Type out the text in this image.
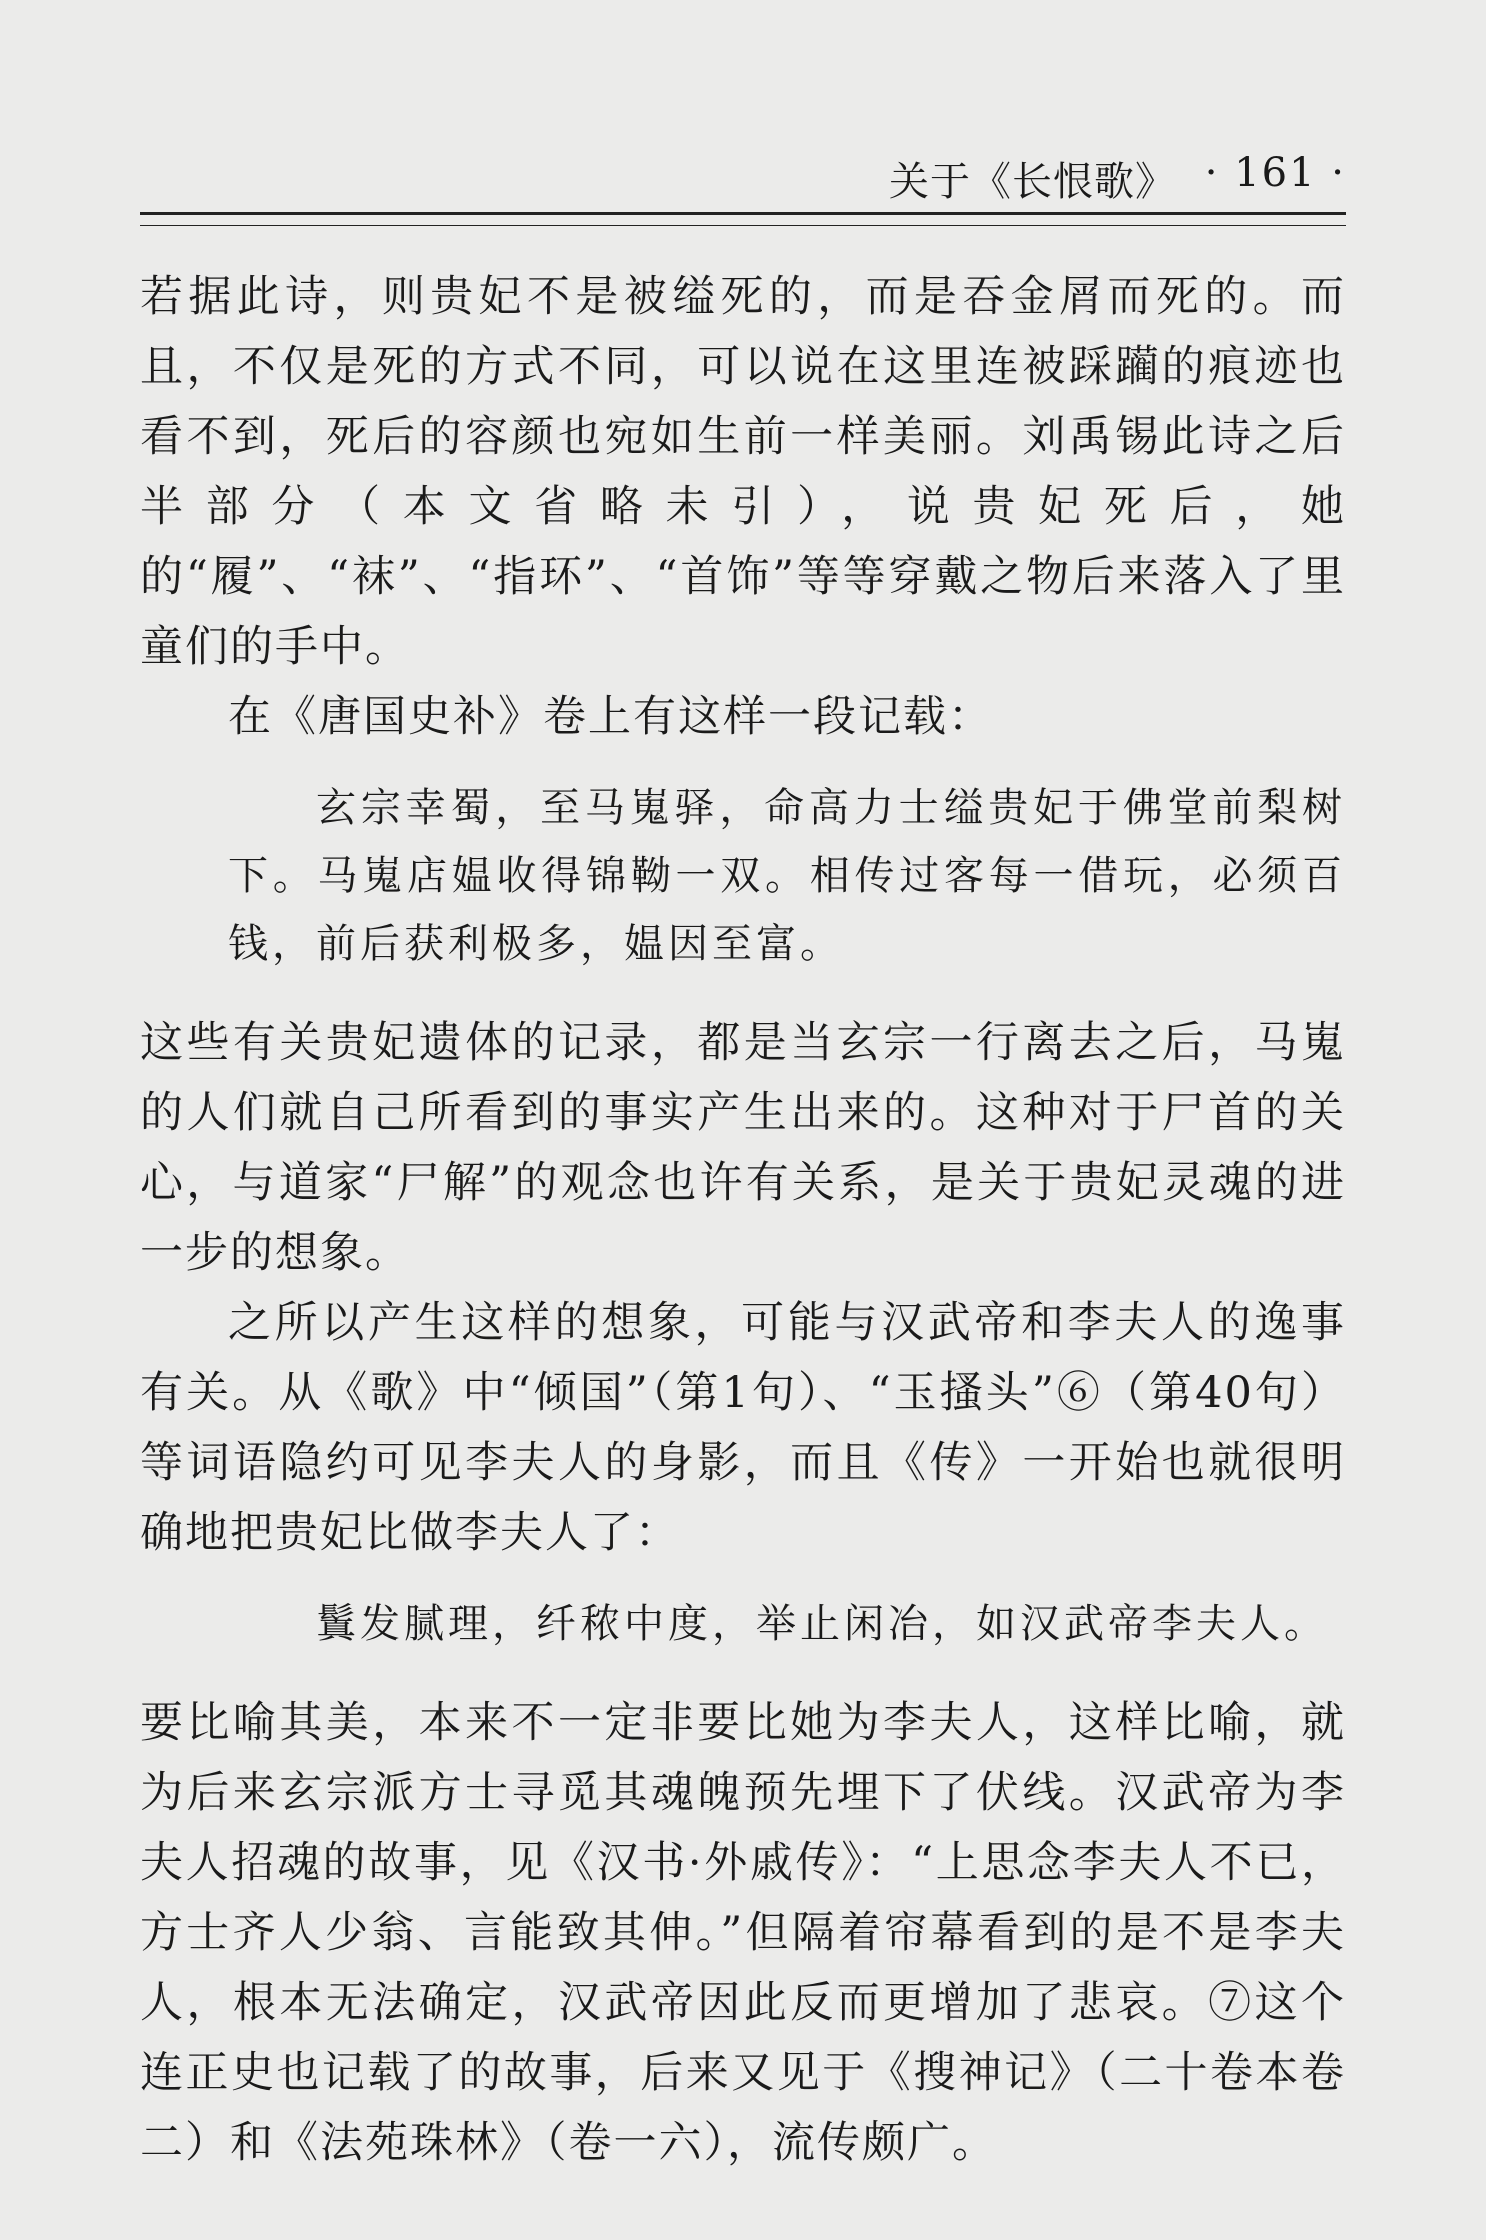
关于《长恨歌》 · 161 ·

若据此诗，则贵妃不是被缢死的，而是吞金屑而死的。而且，不仅是死的方式不同，可以说在这里连被踩躏的痕迹也看不到，死后的容颜也宛如生前一样美丽。刘禹锡此诗之后半部分（本文省略未引），说贵妃死后，她的“履”、“袜”、“指环”、“首饰”等等穿戴之物后来落入了里童们的手中。

在《唐国史补》卷上有这样一段记载：

玄宗幸蜀，至马嵬驿，命高力士缢贵妃于佛堂前梨树下。马嵬店媪收得锦靿一双。相传过客每一借玩，必须百钱，前后获利极多，媪因至富。

这些有关贵妃遗体的记录，都是当玄宗一行离去之后，马嵬的人们就自己所看到的事实产生出来的。这种对于尸首的关心，与道家“尸解”的观念也许有关系，是关于贵妃灵魂的进一步的想象。

之所以产生这样的想象，可能与汉武帝和李夫人的逸事有关。从《歌》中“倾国”（第1句）、“玉搔头”⑥（第40句）等词语隐约可见李夫人的身影，而且《传》一开始也就很明确地把贵妃比做李夫人了：

鬒发腻理，纤秾中度，举止闲冶，如汉武帝李夫人。

要比喻其美，本来不一定非要比她为李夫人，这样比喻，就为后来玄宗派方士寻觅其魂魄预先埋下了伏线。汉武帝为李夫人招魂的故事，见《汉书·外戚传》：“上思念李夫人不已，方士齐人少翁、言能致其伸。”但隔着帘幕看到的是不是李夫人，根本无法确定，汉武帝因此反而更增加了悲哀。⑦这个连正史也记载了的故事，后来又见于《搜神记》（二十卷本卷二）和《法苑珠林》（卷一六），流传颇广。
